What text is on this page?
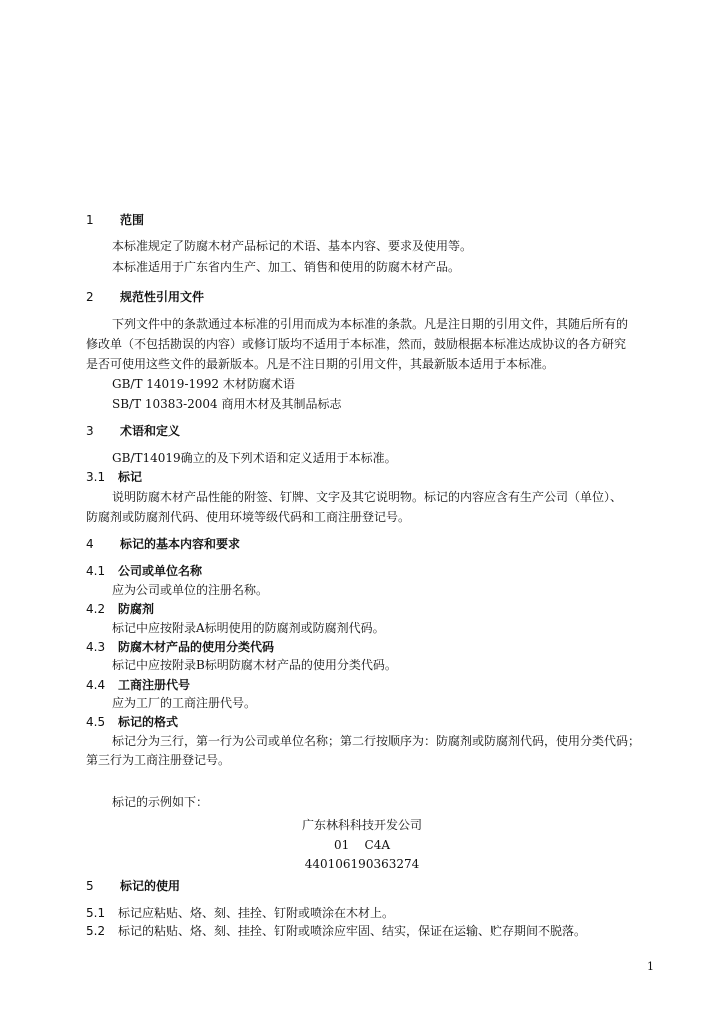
1 范围
本标准规定了防腐木材产品标记的术语、基本内容、要求及使用等。
本标准适用于广东省内生产、加工、销售和使用的防腐木材产品。
2 规范性引用文件
下列文件中的条款通过本标准的引用而成为本标准的条款。凡是注日期的引用文件，其随后所有的
修改单（不包括勘误的内容）或修订版均不适用于本标准，然而，鼓励根据本标准达成协议的各方研究
是否可使用这些文件的最新版本。凡是不注日期的引用文件，其最新版本适用于本标准。
GB/T 14019-1992 木材防腐术语
SB/T 10383-2004 商用木材及其制品标志
3 术语和定义
GB/T14019确立的及下列术语和定义适用于本标准。
3.1 标记
说明防腐木材产品性能的附签、钉牌、文字及其它说明物。标记的内容应含有生产公司（单位）、
防腐剂或防腐剂代码、使用环境等级代码和工商注册登记号。
4 标记的基本内容和要求
4.1 公司或单位名称
应为公司或单位的注册名称。
4.2 防腐剂
标记中应按附录A标明使用的防腐剂或防腐剂代码。
4.3 防腐木材产品的使用分类代码
标记中应按附录B标明防腐木材产品的使用分类代码。
4.4 工商注册代号
应为工厂的工商注册代号。
4.5 标记的格式
标记分为三行，第一行为公司或单位名称；第二行按顺序为：防腐剂或防腐剂代码，使用分类代码；
第三行为工商注册登记号。
标记的示例如下：
广东林科科技开发公司
01    C4A
440106190363274
5 标记的使用
5.1 标记应粘贴、烙、刻、挂拴、钉附或喷涂在木材上。
5.2 标记的粘贴、烙、刻、挂拴、钉附或喷涂应牢固、结实，保证在运输、贮存期间不脱落。
1
